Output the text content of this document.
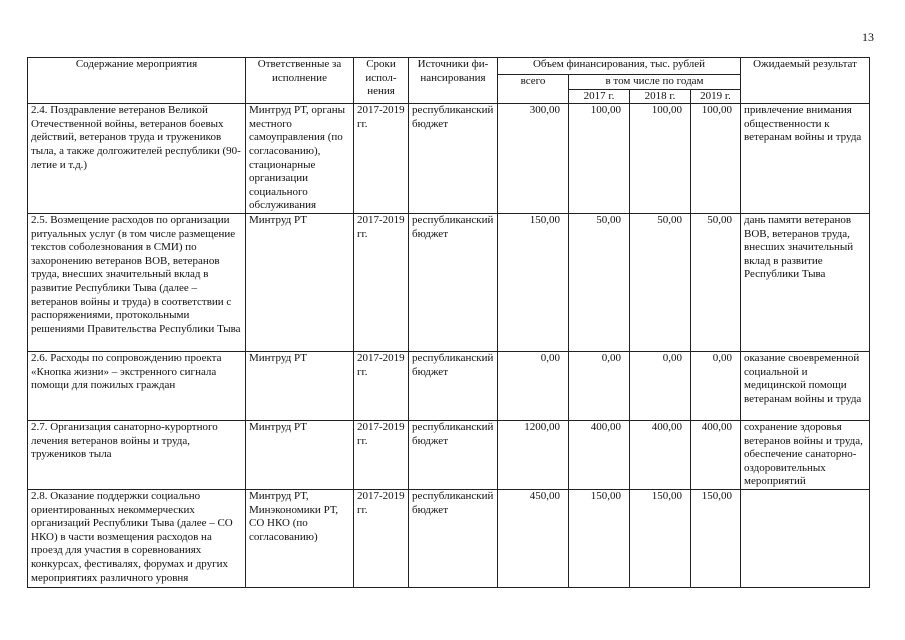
13
Содержание мероприятия	Ответственные за исполнение	Сроки испол-нения	Источники фи-нансирования	Объем финансирования, тыс. рублей				Ожидаемый результат
				всего	в том числе по годам			
					2017 г.	2018 г.	2019 г.	
2.4. Поздравление ветеранов Великой Отечественной войны, ветеранов боевых действий, ветеранов труда и тружеников тыла, а также долгожителей республики (90-летие и т.д.)	Минтруд РТ, органы местного самоуправления (по согласованию), стационарные организации социального обслуживания	2017-2019 гг.	республиканский бюджет	300,00	100,00	100,00	100,00	привлечение внимания общественности к ветеранам войны и труда
2.5. Возмещение расходов по организации ритуальных услуг (в том числе размещение текстов соболезнования в СМИ) по захоронению ветеранов ВОВ, ветеранов труда, внесших значительный вклад в развитие Республики Тыва (далее – ветеранов войны и труда) в соответствии с распоряжениями, протокольными решениями Правительства Республики Тыва	Минтруд РТ	2017-2019 гг.	республиканский бюджет	150,00	50,00	50,00	50,00	дань памяти ветеранов ВОВ, ветеранов труда, внесших значительный вклад в развитие Республики Тыва
2.6. Расходы по сопровождению проекта «Кнопка жизни» – экстренного сигнала помощи для пожилых граждан	Минтруд РТ	2017-2019 гг.	республиканский бюджет	0,00	0,00	0,00	0,00	оказание своевременной социальной и медицинской помощи ветеранам войны и труда
2.7. Организация санаторно-курортного лечения ветеранов войны и труда, тружеников тыла	Минтруд РТ	2017-2019 гг.	республиканский бюджет	1200,00	400,00	400,00	400,00	сохранение здоровья ветеранов войны и труда, обеспечение санаторно-оздоровительных мероприятий
2.8. Оказание поддержки социально ориентированных некоммерческих организаций Республики Тыва (далее – СО НКО) в части возмещения расходов на проезд для участия в соревнованиях конкурсах, фестивалях, форумах и других мероприятиях различного уровня	Минтруд РТ, Минэкономики РТ, СО НКО (по согласованию)	2017-2019 гг.	республиканский бюджет	450,00	150,00	150,00	150,00	
